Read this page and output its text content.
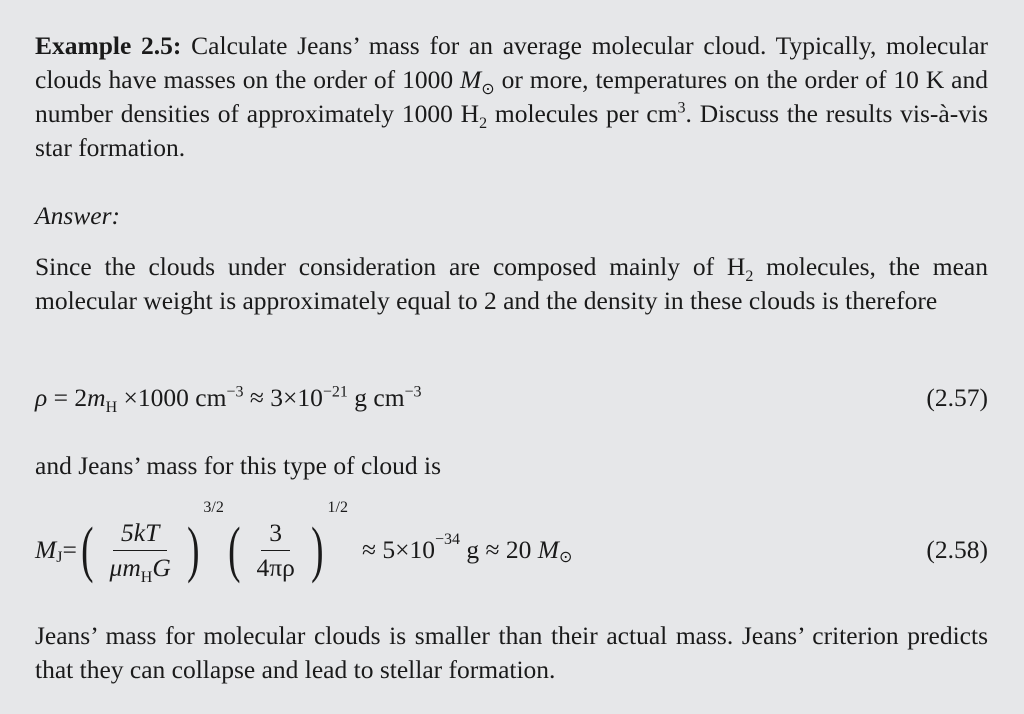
Example 2.5: Calculate Jeans’ mass for an average molecular cloud. Typically, molecular clouds have masses on the order of 1000 $M_⊙$ or more, temperatures on the order of 10 K and number densities of approximately 1000 $H_2$ molecules per $cm^3$. Discuss the results vis-à-vis star formation.
Answer:
Since the clouds under consideration are composed mainly of $H_2$ molecules, the mean molecular weight is approximately equal to 2 and the density in these clouds is therefore
$\rho = 2m_H \times 1000$ $cm^{-3} \approx 3\times 10^{-21}$ g $cm^{-3}$	(2.57)
and Jeans’ mass for this type of cloud is
$M_J$ = ( $\frac{5kT}{\mu m_HG}$ )
3/2
( $\frac{3}{4\pi\rho}$ )
1/2
≈ $5\times 10^{-34}$ g ≈ 20 $M_⊙$	(2.58)
Jeans’ mass for molecular clouds is smaller than their actual mass. Jeans’ criterion predicts that they can collapse and lead to stellar formation.
